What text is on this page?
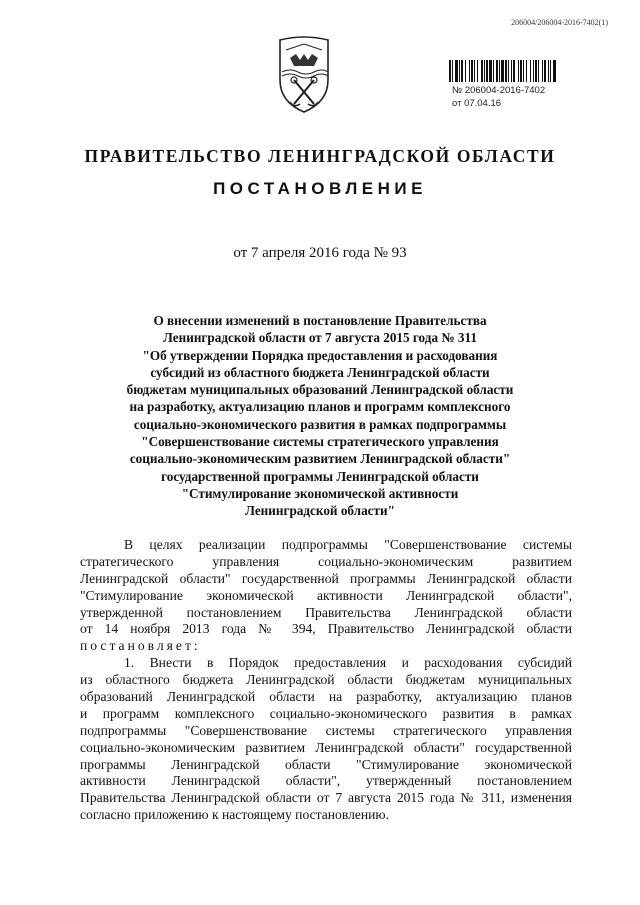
206004/206004-2016-7402(1)
№ 206004-2016-7402
от 07.04.16
ПРАВИТЕЛЬСТВО ЛЕНИНГРАДСКОЙ ОБЛАСТИ
ПОСТАНОВЛЕНИЕ
от 7 апреля 2016 года № 93
О внесении изменений в постановление Правительства
Ленинградской области от 7 августа 2015 года № 311
"Об утверждении Порядка предоставления и расходования
субсидий из областного бюджета Ленинградской области
бюджетам муниципальных образований Ленинградской области
на разработку, актуализацию планов и программ комплексного
социально-экономического развития в рамках подпрограммы
"Совершенствование системы стратегического управления
социально-экономическим развитием Ленинградской области"
государственной программы Ленинградской области
"Стимулирование экономической активности
Ленинградской области"
В целях реализации подпрограммы "Совершенствование системы
стратегического управления социально-экономическим развитием
Ленинградской области" государственной программы Ленинградской области
"Стимулирование экономической активности Ленинградской области",
утвержденной постановлением Правительства Ленинградской области
от 14 ноября 2013 года № 394, Правительство Ленинградской области
постановляет:
1. Внести в Порядок предоставления и расходования субсидий
из областного бюджета Ленинградской области бюджетам муниципальных
образований Ленинградской области на разработку, актуализацию планов
и программ комплексного социально-экономического развития в рамках
подпрограммы "Совершенствование системы стратегического управления
социально-экономическим развитием Ленинградской области" государственной
программы Ленинградской области "Стимулирование экономической
активности Ленинградской области", утвержденный постановлением
Правительства Ленинградской области от 7 августа 2015 года № 311, изменения
согласно приложению к настоящему постановлению.
